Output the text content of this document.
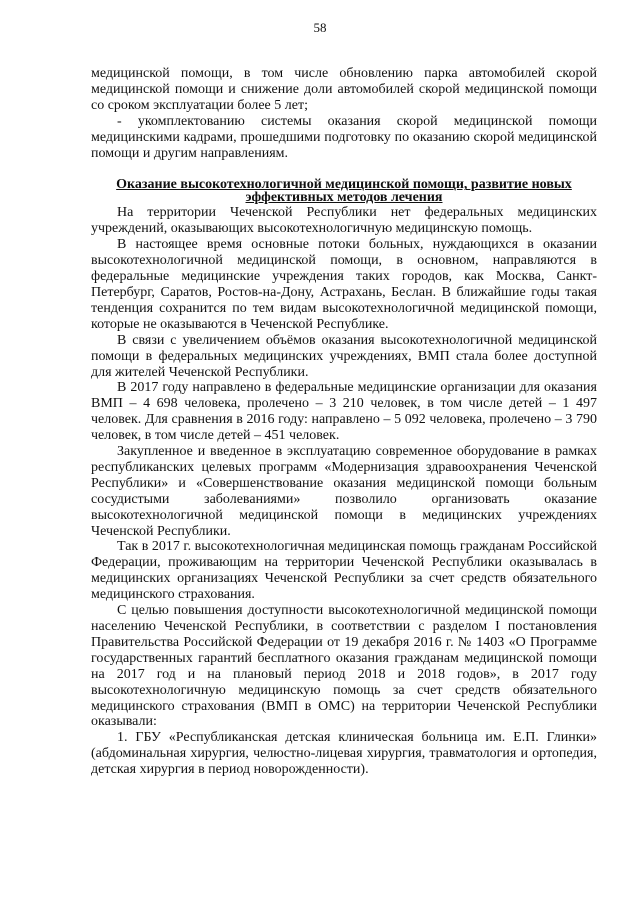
58

медицинской помощи, в том числе обновлению парка автомобилей скорой медицинской помощи и снижение доли автомобилей скорой медицинской помощи со сроком эксплуатации более 5 лет;

- укомплектованию системы оказания скорой медицинской помощи медицинскими кадрами, прошедшими подготовку по оказанию скорой медицинской помощи и другим направлениям.

Оказание высокотехнологичной медицинской помощи, развитие новых эффективных методов лечения

На территории Чеченской Республики нет федеральных медицинских учреждений, оказывающих высокотехнологичную медицинскую помощь.

В настоящее время основные потоки больных, нуждающихся в оказании высокотехнологичной медицинской помощи, в основном, направляются в федеральные медицинские учреждения таких городов, как Москва, Санкт-Петербург, Саратов, Ростов-на-Дону, Астрахань, Беслан. В ближайшие годы такая тенденция сохранится по тем видам высокотехнологичной медицинской помощи, которые не оказываются в Чеченской Республике.

В связи с увеличением объёмов оказания высокотехнологичной медицинской помощи в федеральных медицинских учреждениях, ВМП стала более доступной для жителей Чеченской Республики.

В 2017 году направлено в федеральные медицинские организации для оказания ВМП – 4 698 человека, пролечено – 3 210 человек, в том числе детей – 1 497 человек. Для сравнения в 2016 году: направлено – 5 092 человека, пролечено – 3 790 человек, в том числе детей – 451 человек.

Закупленное и введенное в эксплуатацию современное оборудование в рамках республиканских целевых программ «Модернизация здравоохранения Чеченской Республики» и «Совершенствование оказания медицинской помощи больным сосудистыми заболеваниями» позволило организовать оказание высокотехнологичной медицинской помощи в медицинских учреждениях Чеченской Республики.

Так в 2017 г. высокотехнологичная медицинская помощь гражданам Российской Федерации, проживающим на территории Чеченской Республики оказывалась в медицинских организациях Чеченской Республики за счет средств обязательного медицинского страхования.

С целью повышения доступности высокотехнологичной медицинской помощи населению Чеченской Республики, в соответствии с разделом I постановления Правительства Российской Федерации от 19 декабря 2016 г. № 1403 «О Программе государственных гарантий бесплатного оказания гражданам медицинской помощи на 2017 год и на плановый период 2018 и 2018 годов», в 2017 году высокотехнологичную медицинскую помощь за счет средств обязательного медицинского страхования (ВМП в ОМС) на территории Чеченской Республики оказывали:

1. ГБУ «Республиканская детская клиническая больница им. Е.П. Глинки» (абдоминальная хирургия, челюстно-лицевая хирургия, травматология и ортопедия, детская хирургия в период новорожденности).
